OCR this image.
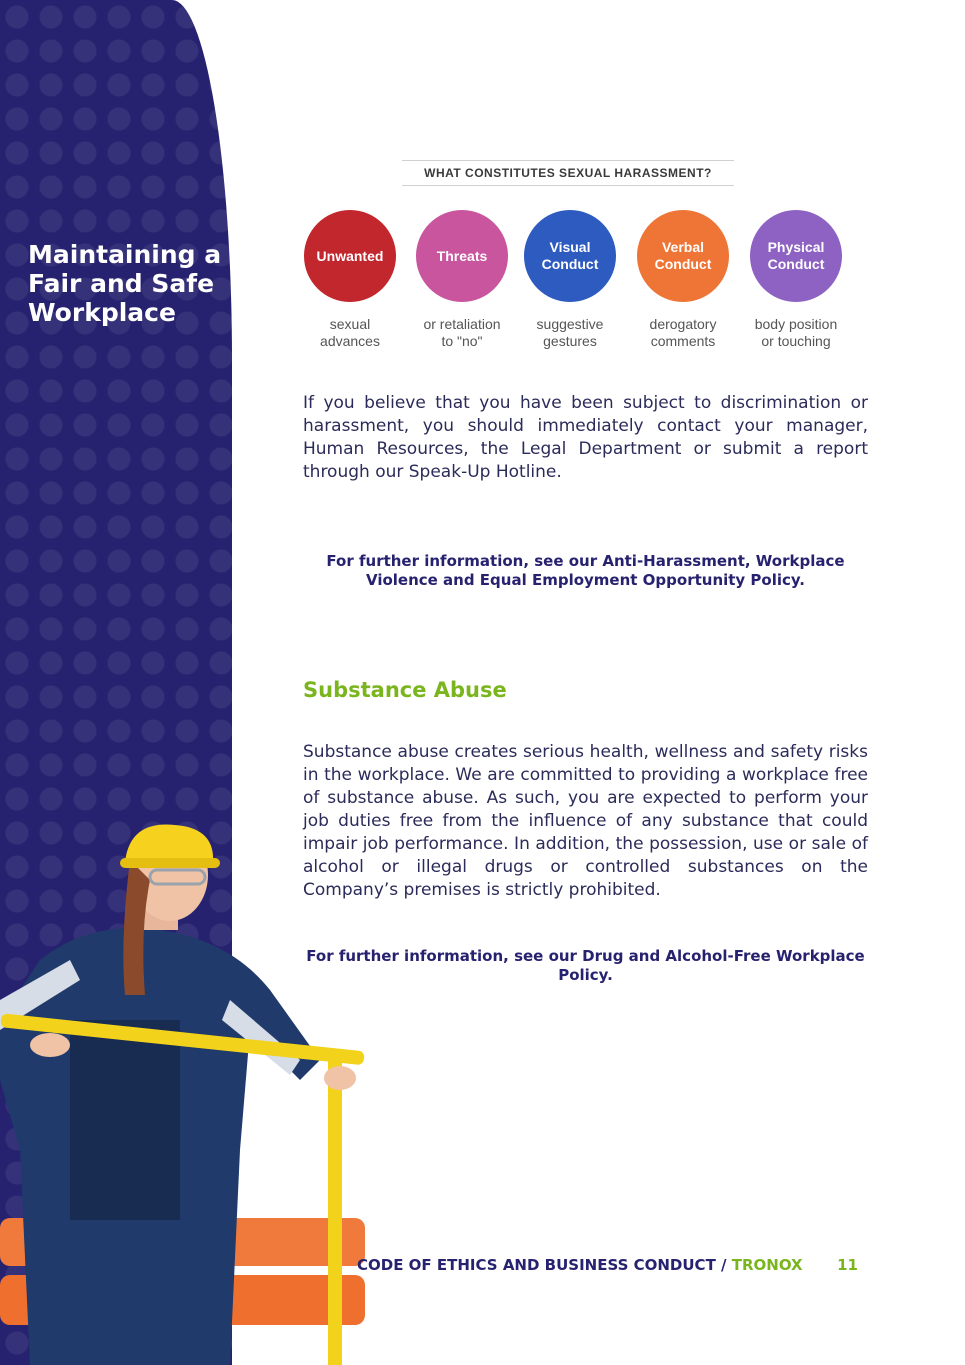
Maintaining a
Fair and Safe
Workplace
WHAT CONSTITUTES SEXUAL HARASSMENT?
Unwanted
sexual
advances
Threats
or retaliation
to "no"
Visual
Conduct
suggestive
gestures
Verbal
Conduct
derogatory
comments
Physical
Conduct
body position
or touching

If you believe that you have been subject to discrimination or harassment, you should immediately contact your manager, Human Resources, the Legal Department or submit a report through our Speak-Up Hotline.

For further information, see our Anti-Harassment, Workplace Violence and Equal Employment Opportunity Policy.

Substance Abuse

Substance abuse creates serious health, wellness and safety risks in the workplace. We are committed to providing a workplace free of substance abuse. As such, you are expected to perform your job duties free from the influence of any substance that could impair job performance. In addition, the possession, use or sale of alcohol or illegal drugs or controlled substances on the Company’s premises is strictly prohibited.

For further information, see our Drug and Alcohol-Free Workplace Policy.

CODE OF ETHICS AND BUSINESS CONDUCT / TRONOX 11
